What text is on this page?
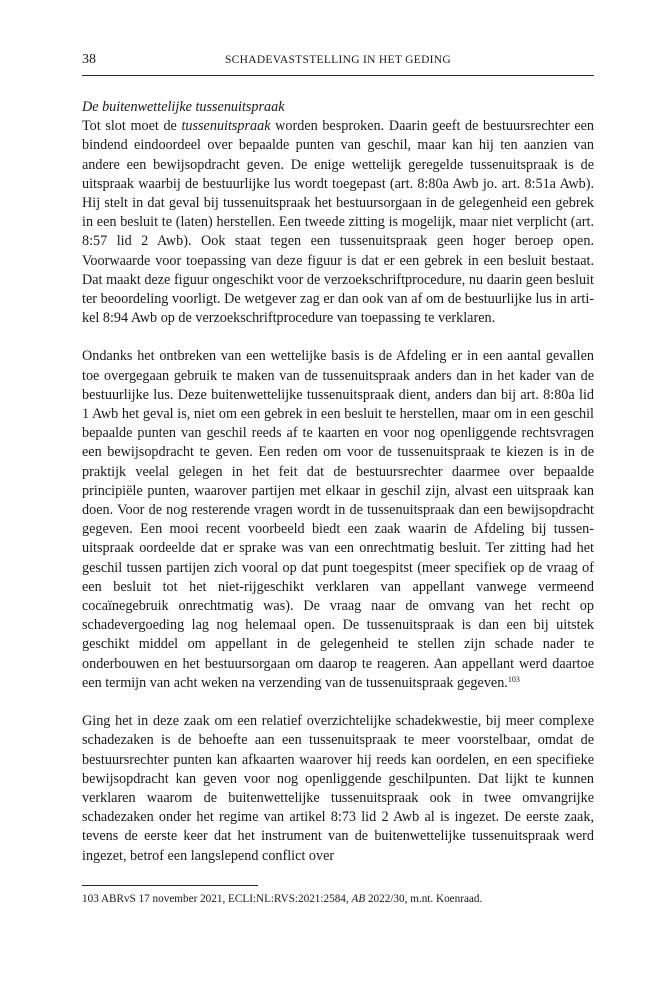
38	SCHADEVASTSTELLING IN HET GEDING

De buitenwettelijke tussenuitspraak

Tot slot moet de tussenuitspraak worden besproken. Daarin geeft de bestuursrechter een bindend eindoordeel over bepaalde punten van geschil, maar kan hij ten aanzien van andere een bewijsopdracht geven. De enige wettelijk geregelde tussenuitspraak is de uitspraak waarbij de bestuurlijke lus wordt toegepast (art. 8:80a Awb jo. art. 8:51a Awb). Hij stelt in dat geval bij tussenuitspraak het bestuursorgaan in de gelegenheid een gebrek in een besluit te (laten) herstellen. Een tweede zitting is mogelijk, maar niet verplicht (art. 8:57 lid 2 Awb). Ook staat tegen een tussenuitspraak geen hoger beroep open. Voorwaarde voor toepassing van deze figuur is dat er een gebrek in een besluit bestaat. Dat maakt deze figuur ongeschikt voor de verzoekschriftprocedure, nu daarin geen besluit ter beoordeling voorligt. De wetgever zag er dan ook van af om de bestuurlijke lus in artikel 8:94 Awb op de verzoekschriftprocedure van toepassing te verklaren.

Ondanks het ontbreken van een wettelijke basis is de Afdeling er in een aantal gevallen toe overgegaan gebruik te maken van de tussenuitspraak anders dan in het kader van de bestuurlijke lus. Deze buitenwettelijke tussenuitspraak dient, anders dan bij art. 8:80a lid 1 Awb het geval is, niet om een gebrek in een besluit te herstellen, maar om in een geschil bepaalde punten van geschil reeds af te kaarten en voor nog openliggende rechtsvragen een bewijsopdracht te geven. Een reden om voor de tussenuitspraak te kiezen is in de praktijk veelal gelegen in het feit dat de bestuursrechter daarmee over bepaalde principiële punten, waarover partijen met elkaar in geschil zijn, alvast een uitspraak kan doen. Voor de nog resterende vragen wordt in de tussenuitspraak dan een bewijsopdracht gegeven. Een mooi recent voorbeeld biedt een zaak waarin de Afdeling bij tussenuitspraak oordeelde dat er sprake was van een onrechtmatig besluit. Ter zitting had het geschil tussen partijen zich vooral op dat punt toegespitst (meer specifiek op de vraag of een besluit tot het niet-rijgeschikt verklaren van appellant vanwege vermeend cocaïnegebruik onrechtmatig was). De vraag naar de omvang van het recht op schadevergoeding lag nog helemaal open. De tussenuitspraak is dan een bij uitstek geschikt middel om appellant in de gelegenheid te stellen zijn schade nader te onderbouwen en het bestuursorgaan om daarop te reageren. Aan appellant werd daartoe een termijn van acht weken na verzending van de tussenuitspraak gegeven.$^{103}$

Ging het in deze zaak om een relatief overzichtelijke schadekwestie, bij meer complexe schadezaken is de behoefte aan een tussenuitspraak te meer voorstelbaar, omdat de bestuursrechter punten kan afkaarten waarover hij reeds kan oordelen, en een specifieke bewijsopdracht kan geven voor nog openliggende geschilpunten. Dat lijkt te kunnen verklaren waarom de buitenwettelijke tussenuitspraak ook in twee omvangrijke schadezaken onder het regime van artikel 8:73 lid 2 Awb al is ingezet. De eerste zaak, tevens de eerste keer dat het instrument van de buitenwettelijke tussenuitspraak werd ingezet, betrof een langslepend conflict over

103 ABRvS 17 november 2021, ECLI:NL:RVS:2021:2584, AB 2022/30, m.nt. Koenraad.
